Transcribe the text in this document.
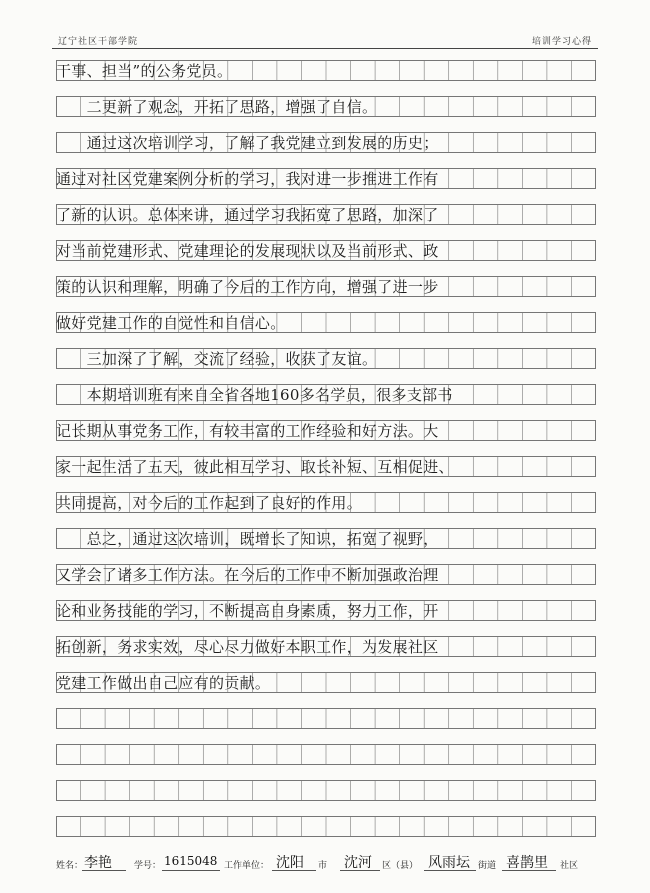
辽宁社区干部学院	培训学习心得
干事、担当”的公务党员。
　　二更新了观念，开拓了思路，增强了自信。
　　通过这次培训学习，了解了我党建立到发展的历史；
通过对社区党建案例分析的学习，我对进一步推进工作有
了新的认识。总体来讲，通过学习我拓宽了思路，加深了
对当前党建形式、党建理论的发展现状以及当前形式、政
策的认识和理解，明确了今后的工作方向，增强了进一步
做好党建工作的自觉性和自信心。
　　三加深了了解，交流了经验，收获了友谊。
　　本期培训班有来自全省各地160多名学员，很多支部书
记长期从事党务工作，有较丰富的工作经验和好方法。大
家一起生活了五天，彼此相互学习、取长补短、互相促进、
共同提高，对今后的工作起到了良好的作用。
　　总之，通过这次培训，既增长了知识，拓宽了视野，
又学会了诸多工作方法。在今后的工作中不断加强政治理
论和业务技能的学习，不断提高自身素质，努力工作，开
拓创新，务求实效，尽心尽力做好本职工作，为发展社区
党建工作做出自己应有的贡献。
姓名： 李艳 学号： 1615048 工作单位： 沈阳 市 沈河 区（县） 风雨坛 街道 喜鹊里 社区
